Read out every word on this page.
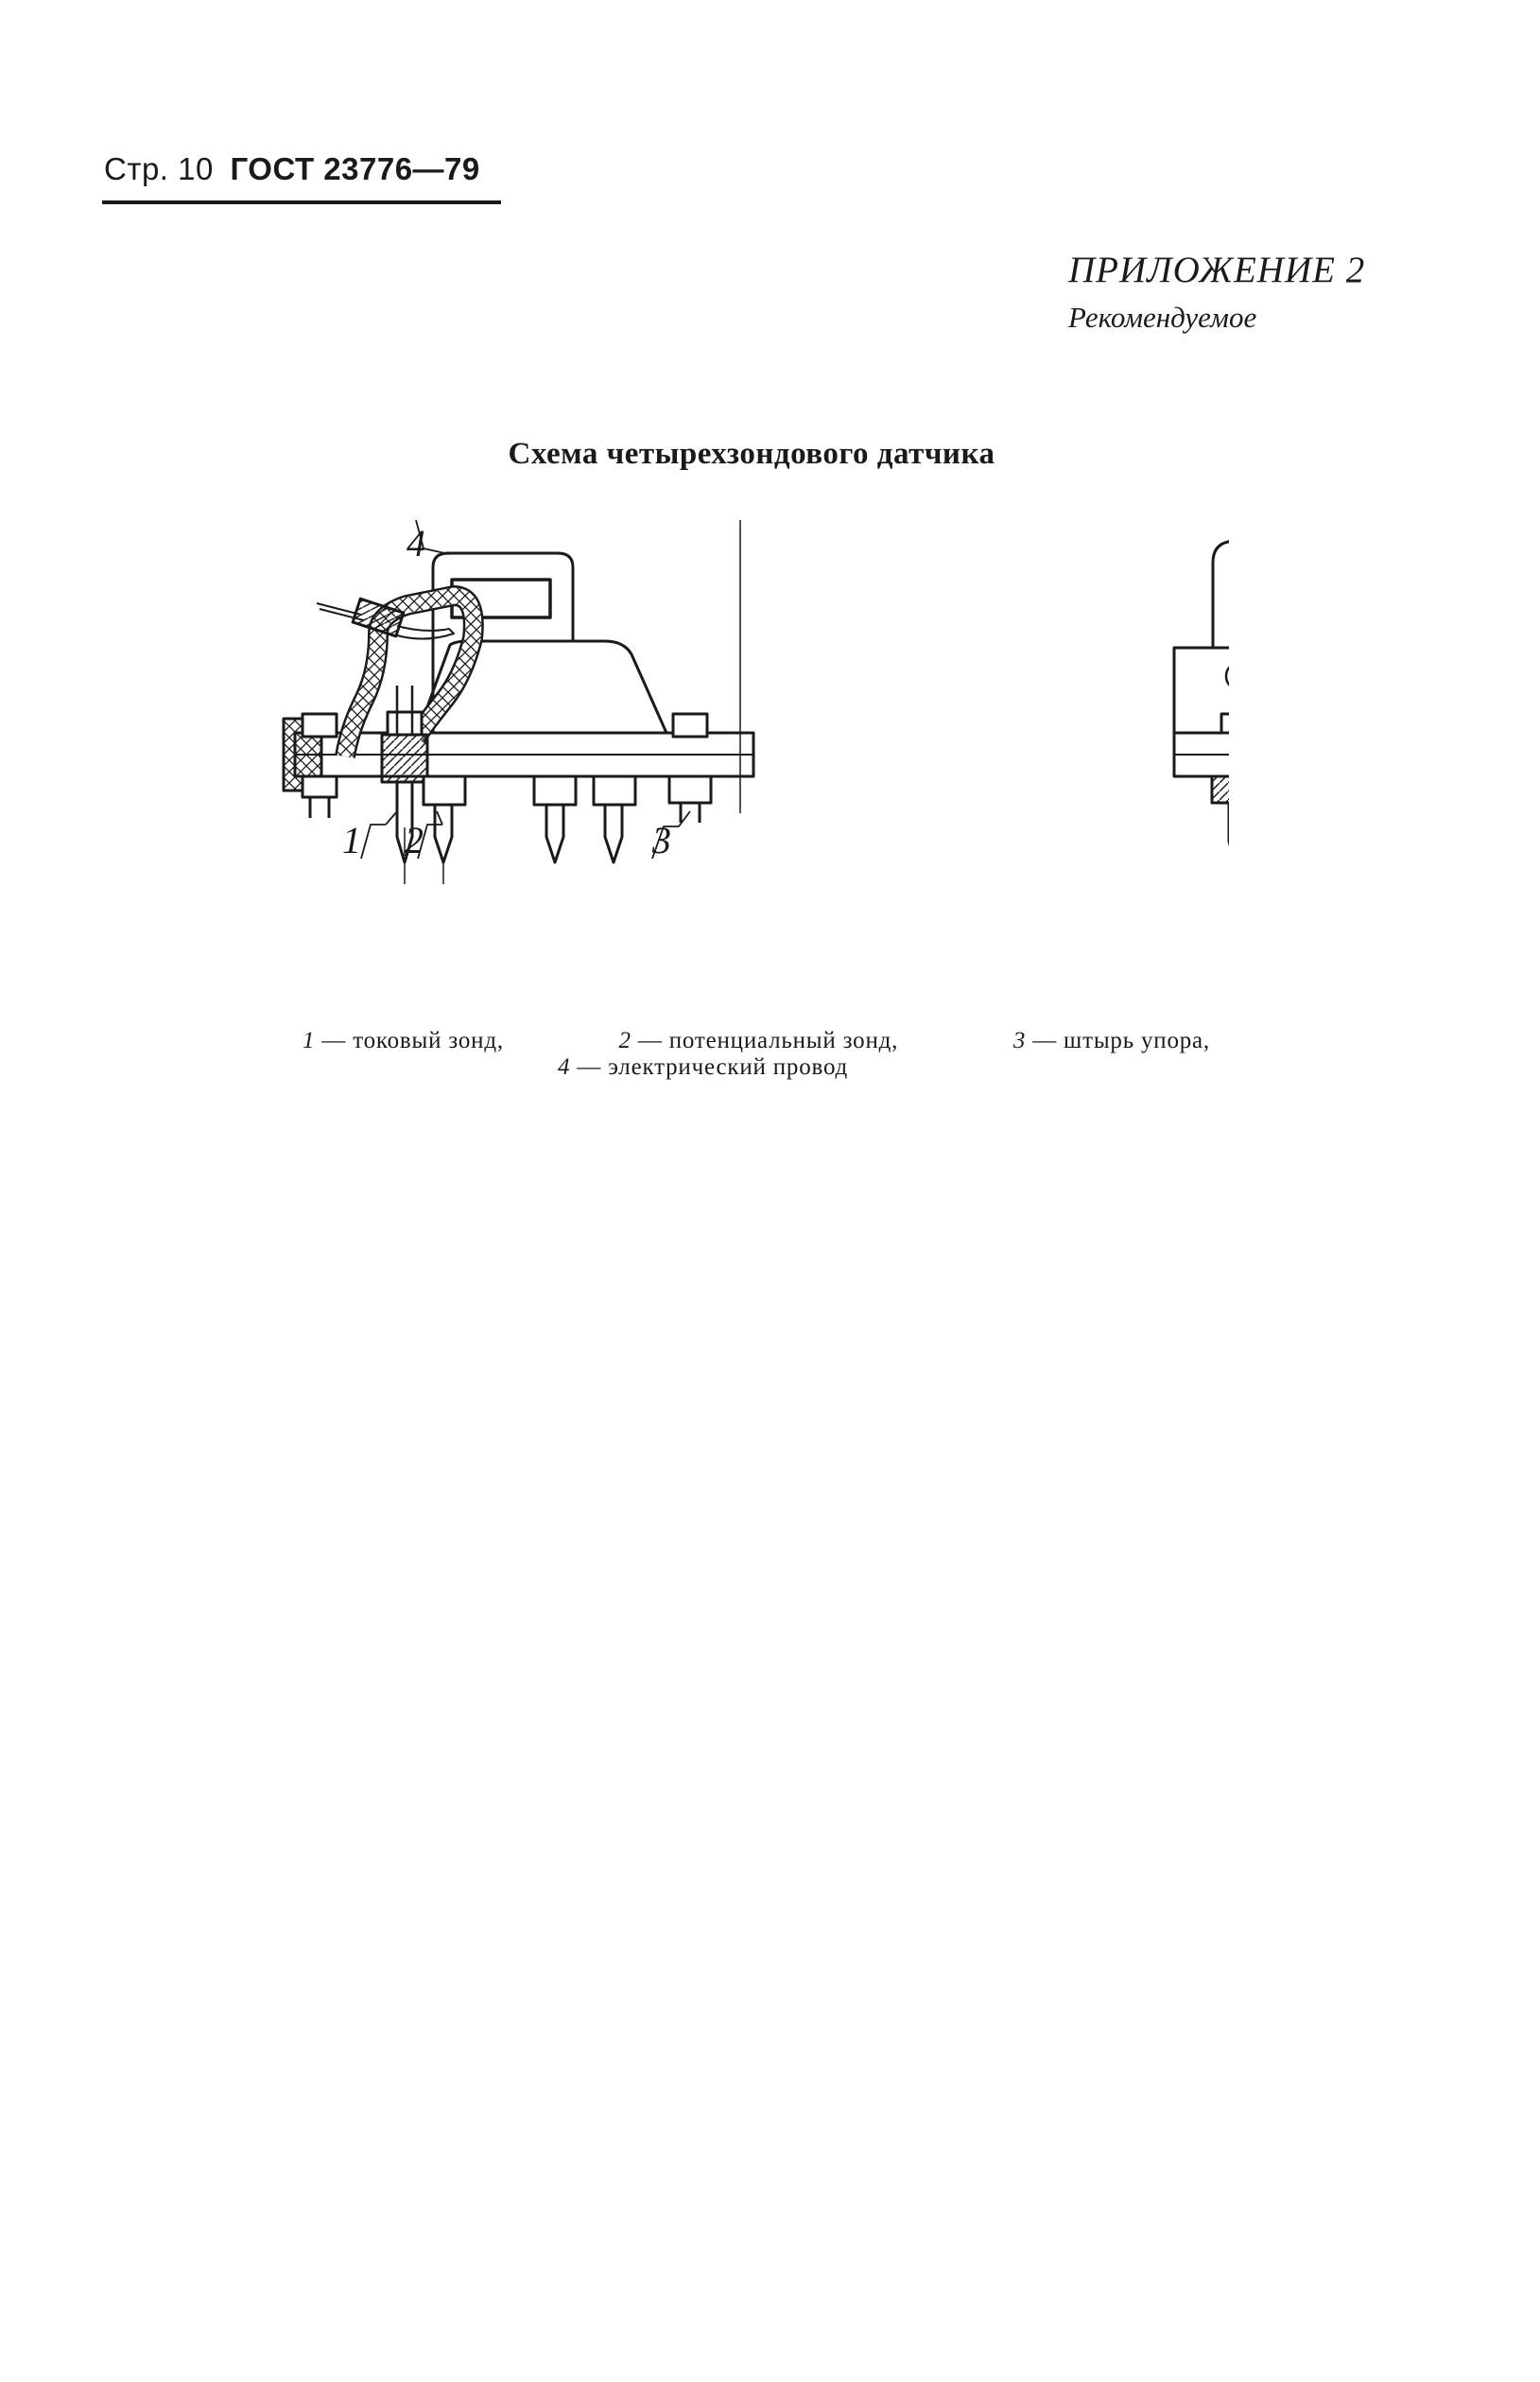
Стр. 10 ГОСТ 23776—79
ПРИЛОЖЕНИЕ 2
Рекомендуемое
Схема четырехзондового датчика
1 2	3
4
1 — токовый зонд,	2 — потенциальный зонд,	3 — штырь упора,
4 — электрический провод
